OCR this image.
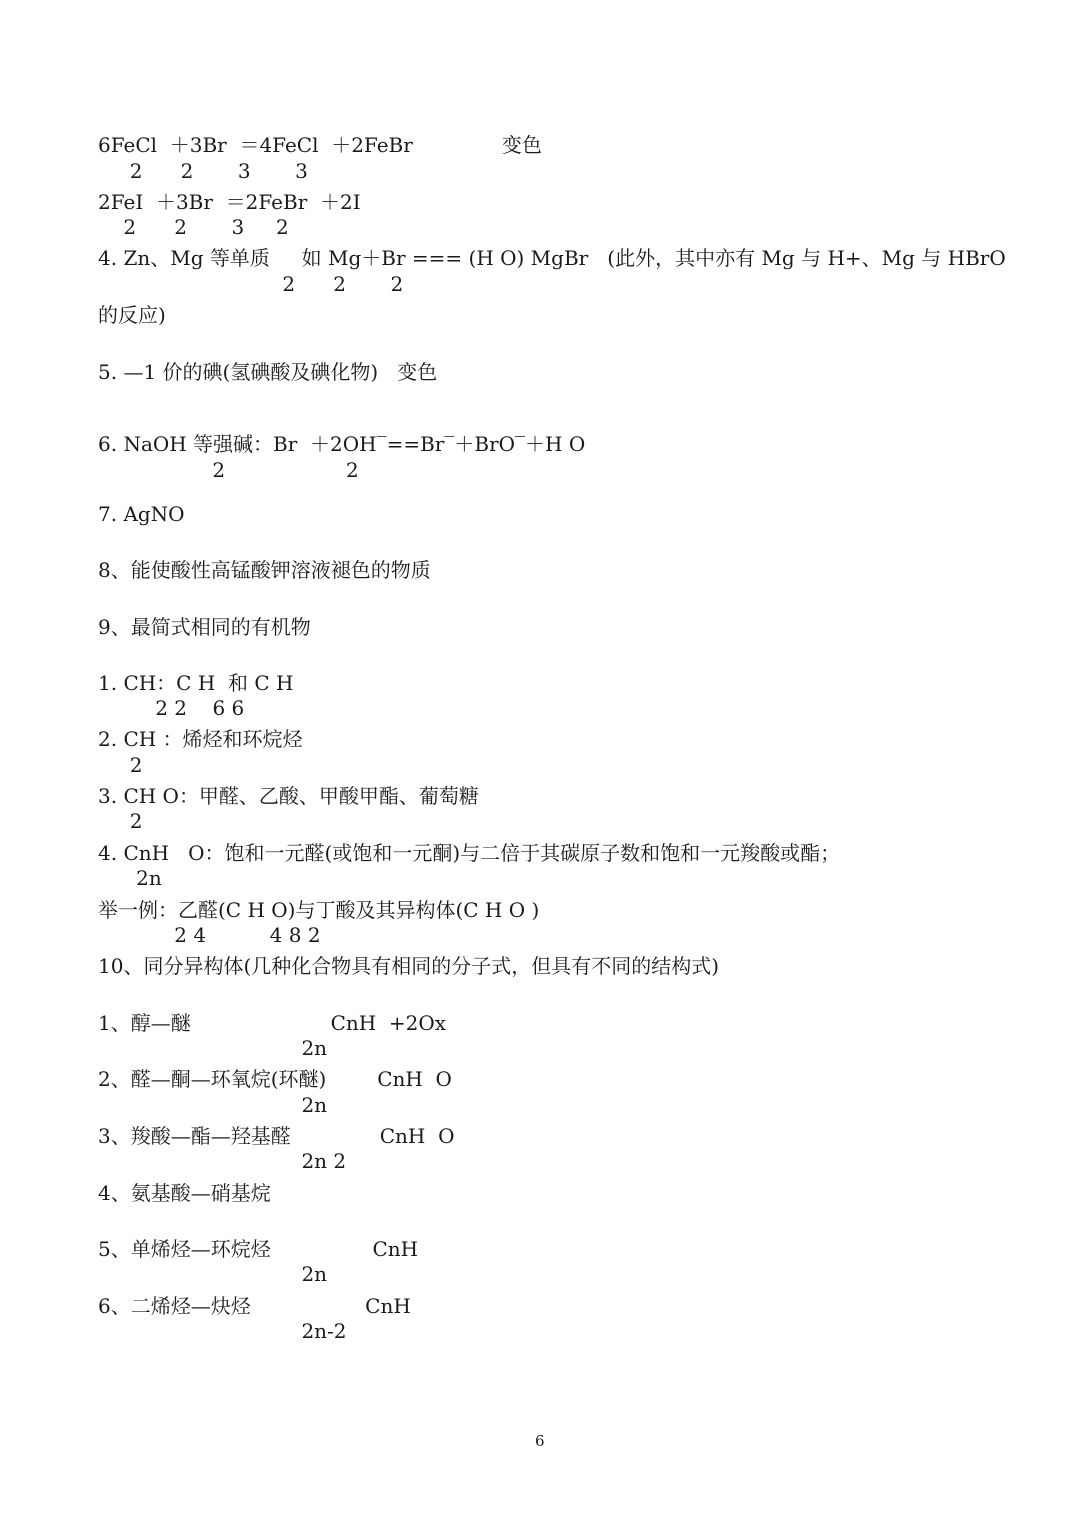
6FeCl  ＋3Br  ＝4FeCl  ＋2FeBr              变色
2      2       3       3
2FeI  ＋3Br  ＝2FeBr  ＋2I
2      2       3     2
4. Zn、Mg 等单质     如 Mg＋Br === (H O) MgBr   (此外，其中亦有 Mg 与 H+、Mg 与 HBrO
2      2       2
的反应)
5. —1 价的碘(氢碘酸及碘化物)   变色
6. NaOH 等强碱：Br  ＋2OH‾==Br‾＋BrO‾＋H O
2                   2
7. AgNO
8、能使酸性高锰酸钾溶液褪色的物质
9、最简式相同的有机物
1. CH：C H  和 C H
2 2    6 6
2. CH ：烯烃和环烷烃
2
3. CH O：甲醛、乙酸、甲酸甲酯、葡萄糖
2
4. CnH   O：饱和一元醛(或饱和一元酮)与二倍于其碳原子数和饱和一元羧酸或酯；
2n
举一例：乙醛(C H O)与丁酸及其异构体(C H O )
2 4          4 8 2
10、同分异构体(几种化合物具有相同的分子式，但具有不同的结构式)
1、醇—醚                      CnH  +2Ox
2n
2、醛—酮—环氧烷(环醚)        CnH  O
2n
3、羧酸—酯—羟基醛              CnH  O
2n 2
4、氨基酸—硝基烷
5、单烯烃—环烷烃                CnH
2n
6、二烯烃—炔烃                  CnH
2n-2
6
